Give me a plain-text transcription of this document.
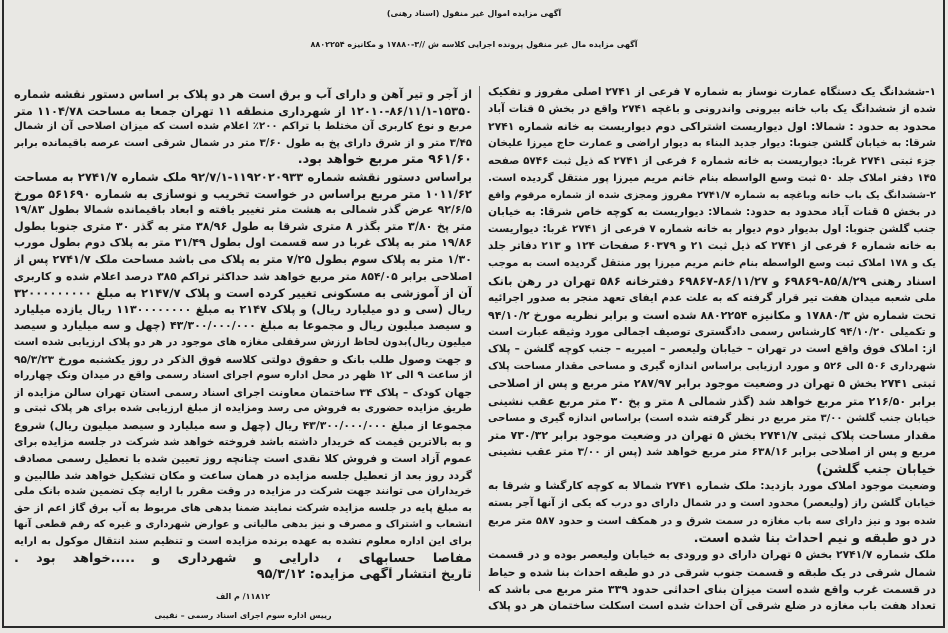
آگهی مزایده اموال غیر منقول (اسناد رهنی)
آگهی مزایده مال غیر منقول پرونده اجرایی کلاسه ش //۳-۱۷۸۸۰ و مکانیزه ۸۸۰۲۲۵۴
۱-ششدانگ یک دستگاه عمارت نوساز به شماره ۷ فرعی از ۲۷۴۱ اصلی مفروز و تفکیک
شده از ششدانگ یک باب خانه بیرونی واندرونی و باغچه ۲۷۴۱ واقع در بخش ۵ قنات آباد
محدود به حدود : شمالا: اول دیواریست اشتراکی دوم دیواریست به خانه شماره ۲۷۴۱
شرقا: به خیابان گلشن جنوبا: دیوار جدید البناء به دیوار اراضی و عمارت حاج میرزا علیخان
جزء ثبتی ۲۷۴۱ غربا: دیواریست به خانه شماره ۶ فرعی از ۲۷۴۱ که ذیل ثبت ۵۷۴۶ صفحه
۱۴۵ دفتر املاک جلد ۵۰ ثبت وسع الواسطه بنام خانم مریم میرزا پور منتقل گردیده است.
۲-ششدانگ یک باب خانه وباغچه به شماره ۲۷۴۱/۷ مفروز ومجزی شده از شماره مرقوم واقع
در بخش ۵ قنات آباد محدود به حدود: شمالا: دیواریست به کوچه خاص شرقا: به خیابان
جنب گلشن جنوبا: اول بدیوار دوم دیوار به خانه شماره ۷ فرعی از ۲۷۴۱ غربا: دیواریست
به خانه شماره ۶ فرعی از ۲۷۴۱ که ذیل ثبت ۲۱ و ۶۰۳۷۹ صفحات ۱۲۴ و ۲۱۳ دفاتر جلد
یک و ۱۷۸ املاک ثبت وسع الواسطه بنام خانم مریم میرزا پور منتقل گردیده است به موجب
اسناد رهنی ۸۵/۸/۲۹-۶۹۸۶۹ و ۸۶/۱۱/۲۷-۶۹۸۶۷ دفترخانه ۵۸۶ تهران در رهن بانک
ملی شعبه میدان هفت تیر قرار گرفته که به علت عدم ایفای تعهد منجر به صدور اجرائیه
تحت شماره ش ۱۷۸۸۰/۳ و مکانیزه ۸۸۰۲۲۵۴ شده است و برابر نظریه مورخ ۹۴/۱۰/۲
و تکمیلی ۹۴/۱۰/۲۰ کارشناس رسمی دادگستری توصیف اجمالی مورد وثیقه عبارت است
از: املاک فوق واقع است در تهران – خیابان ولیعصر – امیریه – جنب کوچه گلشن – پلاک
شهرداری ۵۰۶ الی ۵۲۶ و مورد ارزیابی براساس اندازه گیری و مساحی مقدار مساحت پلاک
ثبتی ۲۷۴۱ بخش ۵ تهران در وضعیت موجود برابر ۲۸۷/۹۷ متر مربع و پس از اصلاحی
برابر ۲۱۶/۵۰ متر مربع خواهد شد (گذر شمالی ۸ متر و پخ ۳۰ متر مربع عقب نشینی
خیابان جنب گلشن ۳/۰۰ متر مربع در نظر گرفته شده است) براساس اندازه گیری و مساحی
مقدار مساحت پلاک ثبتی ۲۷۴۱/۷ بخش ۵ تهران در وضعیت موجود برابر ۷۳۰/۳۲ متر
مربع و پس از اصلاحی برابر ۶۳۸/۱۶ متر مربع خواهد شد (پس از ۳/۰۰ متر عقب نشینی
خیابان جنب گلشن)
وضعیت موجود املاک مورد بازدید: ملک شماره ۲۷۴۱ شمالا به کوچه کارگشا و شرقا به
خیابان گلشن راز (ولیعصر) محدود است و در شمال دارای دو درب که یکی از آنها آجر بسته
شده بود و نیز دارای سه باب مغازه در سمت شرق و در همکف است و حدود ۵۸۷ متر مربع
در دو طبقه و نیم احداث بنا شده است.
ملک شماره ۲۷۴۱/۷ بخش ۵ تهران دارای دو ورودی به خیابان ولیعصر بوده و در قسمت
شمال شرقی در یک طبقه و قسمت جنوب شرقی در دو طبقه احداث بنا شده و حیاط
در قسمت غرب واقع شده است میزان بنای احداثی حدود ۳۳۹ متر مربع می باشد که
تعداد هفت باب مغازه در ضلع شرقی آن احداث شده است اسکلت ساختمان هر دو پلاک
از آجر و تیر آهن و دارای آب و برق است هر دو پلاک بر اساس دستور نقشه شماره
۱۲۰۱۰-۸۶/۱۱/۱-۱۵۳۵۰ از شهرداری منطقه ۱۱ تهران جمعا به مساحت ۱۱۰۴/۷۸ متر
مربع و نوع کاربری آن مختلط با تراکم ۲۰۰٪ اعلام شده است که میزان اصلاحی آن از شمال
۳/۴۵ متر و از شرق دارای پخ به طول ۳/۶۰ متر در شمال شرقی است عرصه باقیمانده برابر
۹۶۱/۶۰ متر مربع خواهد بود.
براساس دستور نقشه شماره ۱۱۹۲۰۲۰۹۳۳-۹۲/۷/۱ ملک شماره ۲۷۴۱/۷ به مساحت
۱۰۱۱/۶۲ متر مربع براساس در خواست تخریب و نوسازی به شماره ۵۶۱۶۹۰ مورخ
۹۲/۶/۵ عرض گذر شمالی به هشت متر تغییر یافته و ابعاد باقیمانده شمالا بطول ۱۹/۸۳
متر پخ ۳/۸۰ متر بگذر ۸ متری شرقا به طول ۳۸/۹۶ متر به گذر ۳۰ متری جنوبا بطول
۱۹/۸۶ متر به پلاک غربا در سه قسمت اول بطول ۳۱/۴۹ متر به پلاک دوم بطول مورب
۱/۳۰ متر به پلاک سوم بطول ۷/۲۵ متر به پلاک می باشد مساحت ملک ۲۷۴۱/۷ پس از
اصلاحی برابر ۸۵۴/۰۵ متر مربع خواهد شد حداکثر تراکم ۳۸۵ درصد اعلام شده و کاربری
آن از آموزشی به مسکونی تغییر کرده است و پلاک ۲۱۴۷/۷ به مبلغ ۳۲۰۰۰۰۰۰۰۰۰
ریال (سی و دو میلیارد ریال) و پلاک ۲۱۴۷ به مبلغ ۱۱۳۰۰۰۰۰۰۰۰ ریال یازده میلیارد
و سیصد میلیون ریال و مجموعا به مبلغ ۴۳/۳۰۰/۰۰۰/۰۰۰ (چهل و سه میلیارد و سیصد
میلیون ریال)بدون لحاظ ارزش سرقفلی مغازه های موجود در هر دو پلاک ارزیابی شده است
و جهت وصول طلب بانک و حقوق دولتی کلاسه فوق الذکر در روز یکشنبه مورخ ۹۵/۳/۲۳
از ساعت ۹ الی ۱۲ ظهر در محل اداره سوم اجرای اسناد رسمی واقع در میدان ونک چهارراه
جهان کودک – پلاک ۳۴ ساختمان معاونت اجرای اسناد رسمی استان تهران سالن مزایده از
طریق مزایده حضوری به فروش می رسد ومزایده از مبلغ ارزیابی شده برای هر پلاک ثبتی و
مجموعا از مبلغ ۴۳/۳۰۰/۰۰۰/۰۰۰ ریال (چهل و سه میلیارد و سیصد میلیون ریال) شروع
و به بالاترین قیمت که خریدار داشته باشد فروخته خواهد شد شرکت در جلسه مزایده برای
عموم آزاد است و فروش کلا نقدی است چنانچه روز تعیین شده با تعطیل رسمی مصادف
گردد روز بعد از تعطیل جلسه مزایده در همان ساعت و مکان تشکیل خواهد شد طالبین و
خریداران می توانند جهت شرکت در مزایده در وقت مقرر با ارایه چک تضمین شده بانک ملی
به مبلغ پایه در جلسه مزایده شرکت نمایند ضمنا بدهی های مربوط به آب برق گاز اعم از حق
انشعاب و اشتراک و مصرف و نیز بدهی مالیاتی و عوارض شهرداری و غیره که رقم قطعی آنها
برای این اداره معلوم نشده به عهده برنده مزایده است و تنظیم سند انتقال موکول به ارایه
مفاصا حسابهای ، دارایی و شهرداری و .....خواهد بود .
تاریخ انتشار آگهی مزایده: ۹۵/۳/۱۲
۱۱۸۱۲/ م الف
رییس اداره سوم اجرای اسناد رسمی – نقیبی
